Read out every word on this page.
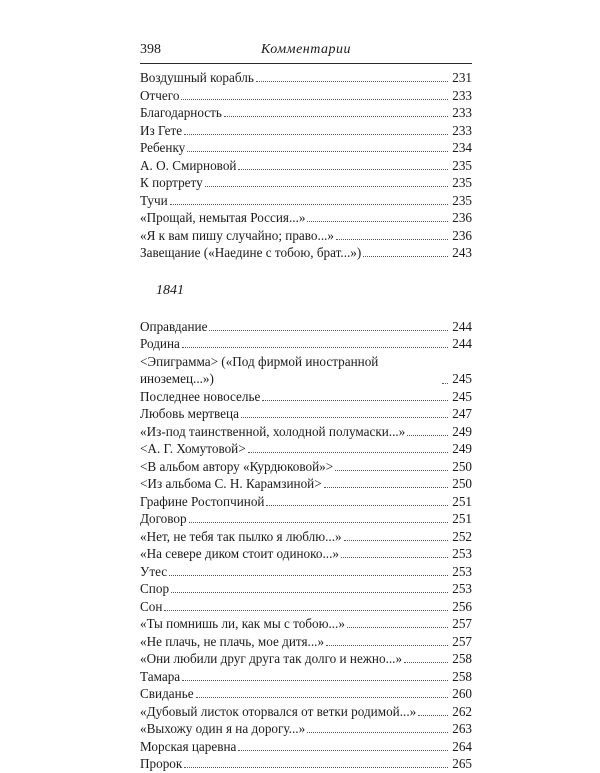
398	Комментарии
Воздушный корабль	231
Отчего	233
Благодарность	233
Из Гете	233
Ребенку	234
А. О. Смирновой	235
К портрету	235
Тучи	235
«Прощай, немытая Россия...»	236
«Я к вам пишу случайно; право...»	236
Завещание («Наедине с тобою, брат...»)	243
1841
Оправдание	244
Родина	244
<Эпиграмма> («Под фирмой иностранной иноземец...»)	245
Последнее новоселье	245
Любовь мертвеца	247
«Из-под таинственной, холодной полумаски...»	249
<А. Г. Хомутовой>	249
<В альбом автору «Курдюковой»>	250
<Из альбома С. Н. Карамзиной>	250
Графине Ростопчиной	251
Договор	251
«Нет, не тебя так пылко я люблю...»	252
«На севере диком стоит одиноко...»	253
Утес	253
Спор	253
Сон	256
«Ты помнишь ли, как мы с тобою...»	257
«Не плачь, не плачь, мое дитя...»	257
«Они любили друг друга так долго и нежно...»	258
Тамара	258
Свиданье	260
«Дубовый листок оторвался от ветки родимой...»	262
«Выхожу один я на дорогу...»	263
Морская царевна	264
Пророк	265
